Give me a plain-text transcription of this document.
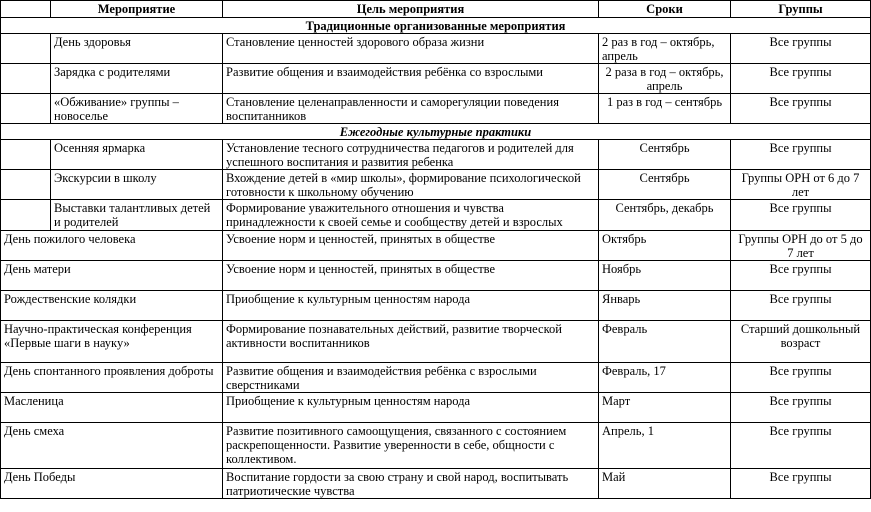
	Мероприятие	Цель мероприятия	Сроки	Группы
Традиционные организованные мероприятия				
	День здоровья	Становление ценностей здорового образа жизни	2 раз в год – октябрь, апрель	Все группы
	Зарядка с родителями	Развитие общения и взаимодействия ребёнка со взрослыми	2 раза в год – октябрь, апрель	Все группы
	«Обживание» группы – новоселье	Становление целенаправленности и саморегуляции поведения воспитанников	1 раз в год – сентябрь	Все группы
Ежегодные культурные практики				
	Осенняя ярмарка	Установление тесного сотрудничества педагогов и родителей для успешного воспитания и развития ребенка	Сентябрь	Все группы
	Экскурсии в школу	Вхождение детей в «мир школы», формирование психологической готовности к школьному обучению	Сентябрь	Группы ОРН от 6 до 7 лет
	Выставки талантливых детей и родителей	Формирование уважительного отношения и чувства принадлежности к своей семье и сообществу детей и взрослых	Сентябрь, декабрь	Все группы
День пожилого человека		Усвоение норм и ценностей, принятых в обществе	Октябрь	Группы ОРН до от 5 до 7 лет
День матери		Усвоение норм и ценностей, принятых в обществе	Ноябрь	Все группы
Рождественские колядки		Приобщение к культурным ценностям народа	Январь	Все группы
Научно-практическая конференция «Первые шаги в науку»		Формирование познавательных действий, развитие творческой активности воспитанников	Февраль	Старший дошкольный возраст
День спонтанного проявления доброты		Развитие общения и взаимодействия ребёнка с взрослыми сверстниками	Февраль, 17	Все группы
Масленица		Приобщение к культурным ценностям народа	Март	Все группы
День смеха		Развитие позитивного самоощущения, связанного с состоянием раскрепощенности. Развитие уверенности в себе, общности с коллективом.	Апрель, 1	Все группы
День Победы		Воспитание гордости за свою страну и свой народ, воспитывать патриотические чувства	Май	Все группы
